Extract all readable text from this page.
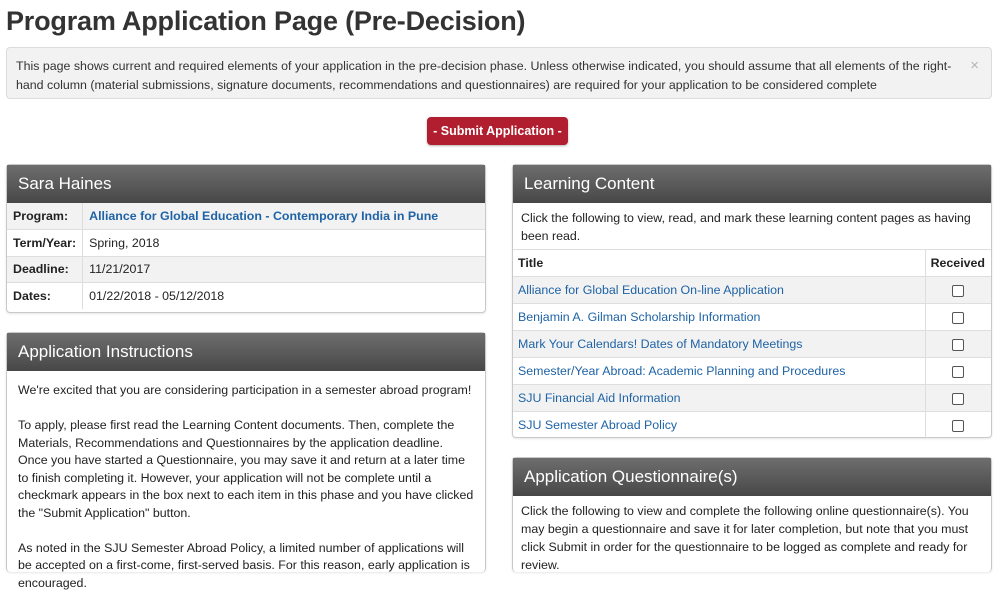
Program Application Page (Pre-Decision)
This page shows current and required elements of your application in the pre-decision phase. Unless otherwise indicated, you should assume that all elements of the right-hand column (material submissions, signature documents, recommendations and questionnaires) are required for your application to be considered complete
×
- Submit Application -
Sara Haines
Program:	Alliance for Global Education - Contemporary India in Pune
Term/Year:	Spring, 2018
Deadline:	11/21/2017
Dates:	01/22/2018 - 05/12/2018
Application Instructions

We're excited that you are considering participation in a semester abroad program!

To apply, please first read the Learning Content documents. Then, complete the Materials, Recommendations and Questionnaires by the application deadline. Once you have started a Questionnaire, you may save it and return at a later time to finish completing it. However, your application will not be complete until a checkmark appears in the box next to each item in this phase and you have clicked the "Submit Application" button.

As noted in the SJU Semester Abroad Policy, a limited number of applications will be accepted on a first-come, first-served basis. For this reason, early application is encouraged.

Learning Content
Click the following to view, read, and mark these learning content pages as having been read.
Title	Received
Alliance for Global Education On-line Application	
Benjamin A. Gilman Scholarship Information	
Mark Your Calendars! Dates of Mandatory Meetings	
Semester/Year Abroad: Academic Planning and Procedures	
SJU Financial Aid Information	
SJU Semester Abroad Policy	
Application Questionnaire(s)
Click the following to view and complete the following online questionnaire(s). You may begin a questionnaire and save it for later completion, but note that you must click Submit in order for the questionnaire to be logged as complete and ready for review.
